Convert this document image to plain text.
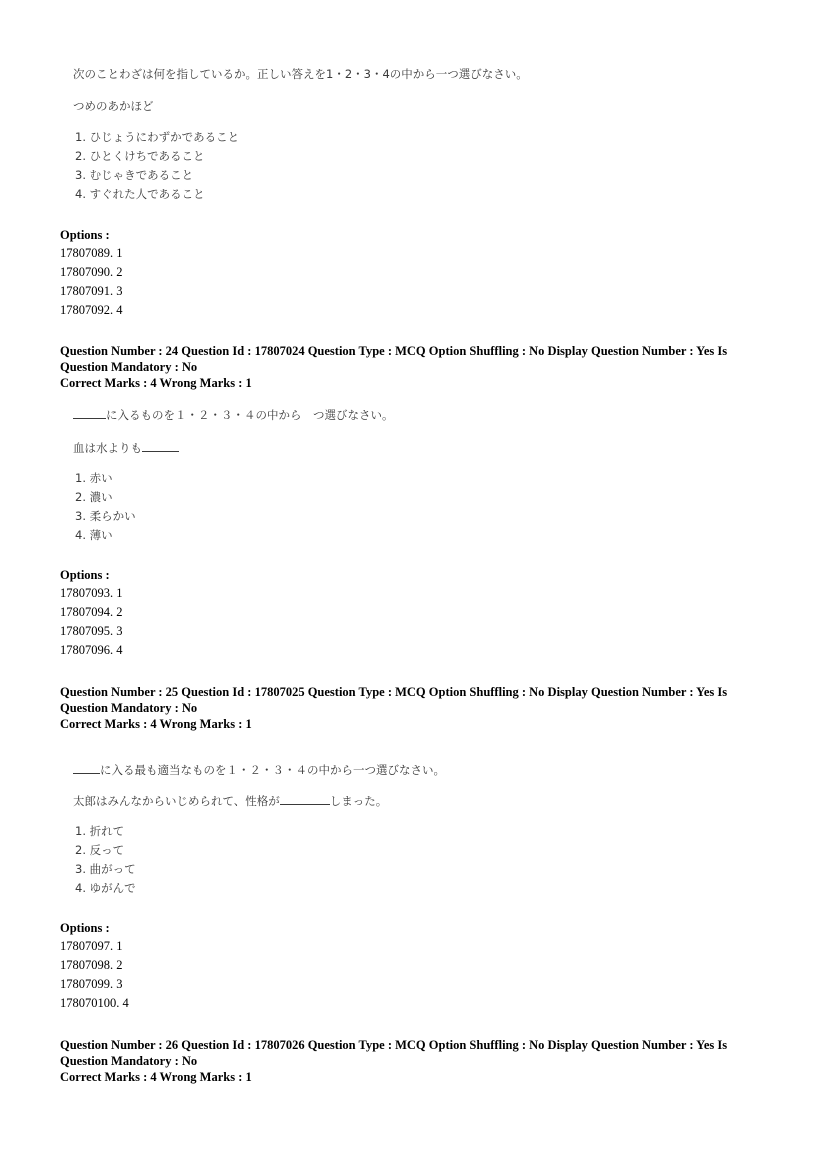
次のことわざは何を指しているか。正しい答えを1・2・3・4の中から一つ選びなさい。
つめのあかほど
1. ひじょうにわずかであること
2. ひとくけちであること
3. むじゃきであること
4. すぐれた人であること
Options :
17807089. 1
17807090. 2
17807091. 3
17807092. 4

Question Number : 24 Question Id : 17807024 Question Type : MCQ Option Shuffling : No Display Question Number : Yes Is Question Mandatory : No

Correct Marks : 4 Wrong Marks : 1

に入るものを１・２・３・４の中から　つ選びなさい。
血は水よりも
1. 赤い
2. 濃い
3. 柔らかい
4. 薄い
Options :
17807093. 1
17807094. 2
17807095. 3
17807096. 4

Question Number : 25 Question Id : 17807025 Question Type : MCQ Option Shuffling : No Display Question Number : Yes Is Question Mandatory : No

Correct Marks : 4 Wrong Marks : 1

に入る最も適当なものを１・２・３・４の中から一つ選びなさい。
太郎はみんなからいじめられて、性格が	しまった。
1. 折れて
2. 反って
3. 曲がって
4. ゆがんで
Options :
17807097. 1
17807098. 2
17807099. 3
178070100. 4

Question Number : 26 Question Id : 17807026 Question Type : MCQ Option Shuffling : No Display Question Number : Yes Is Question Mandatory : No

Correct Marks : 4 Wrong Marks : 1
